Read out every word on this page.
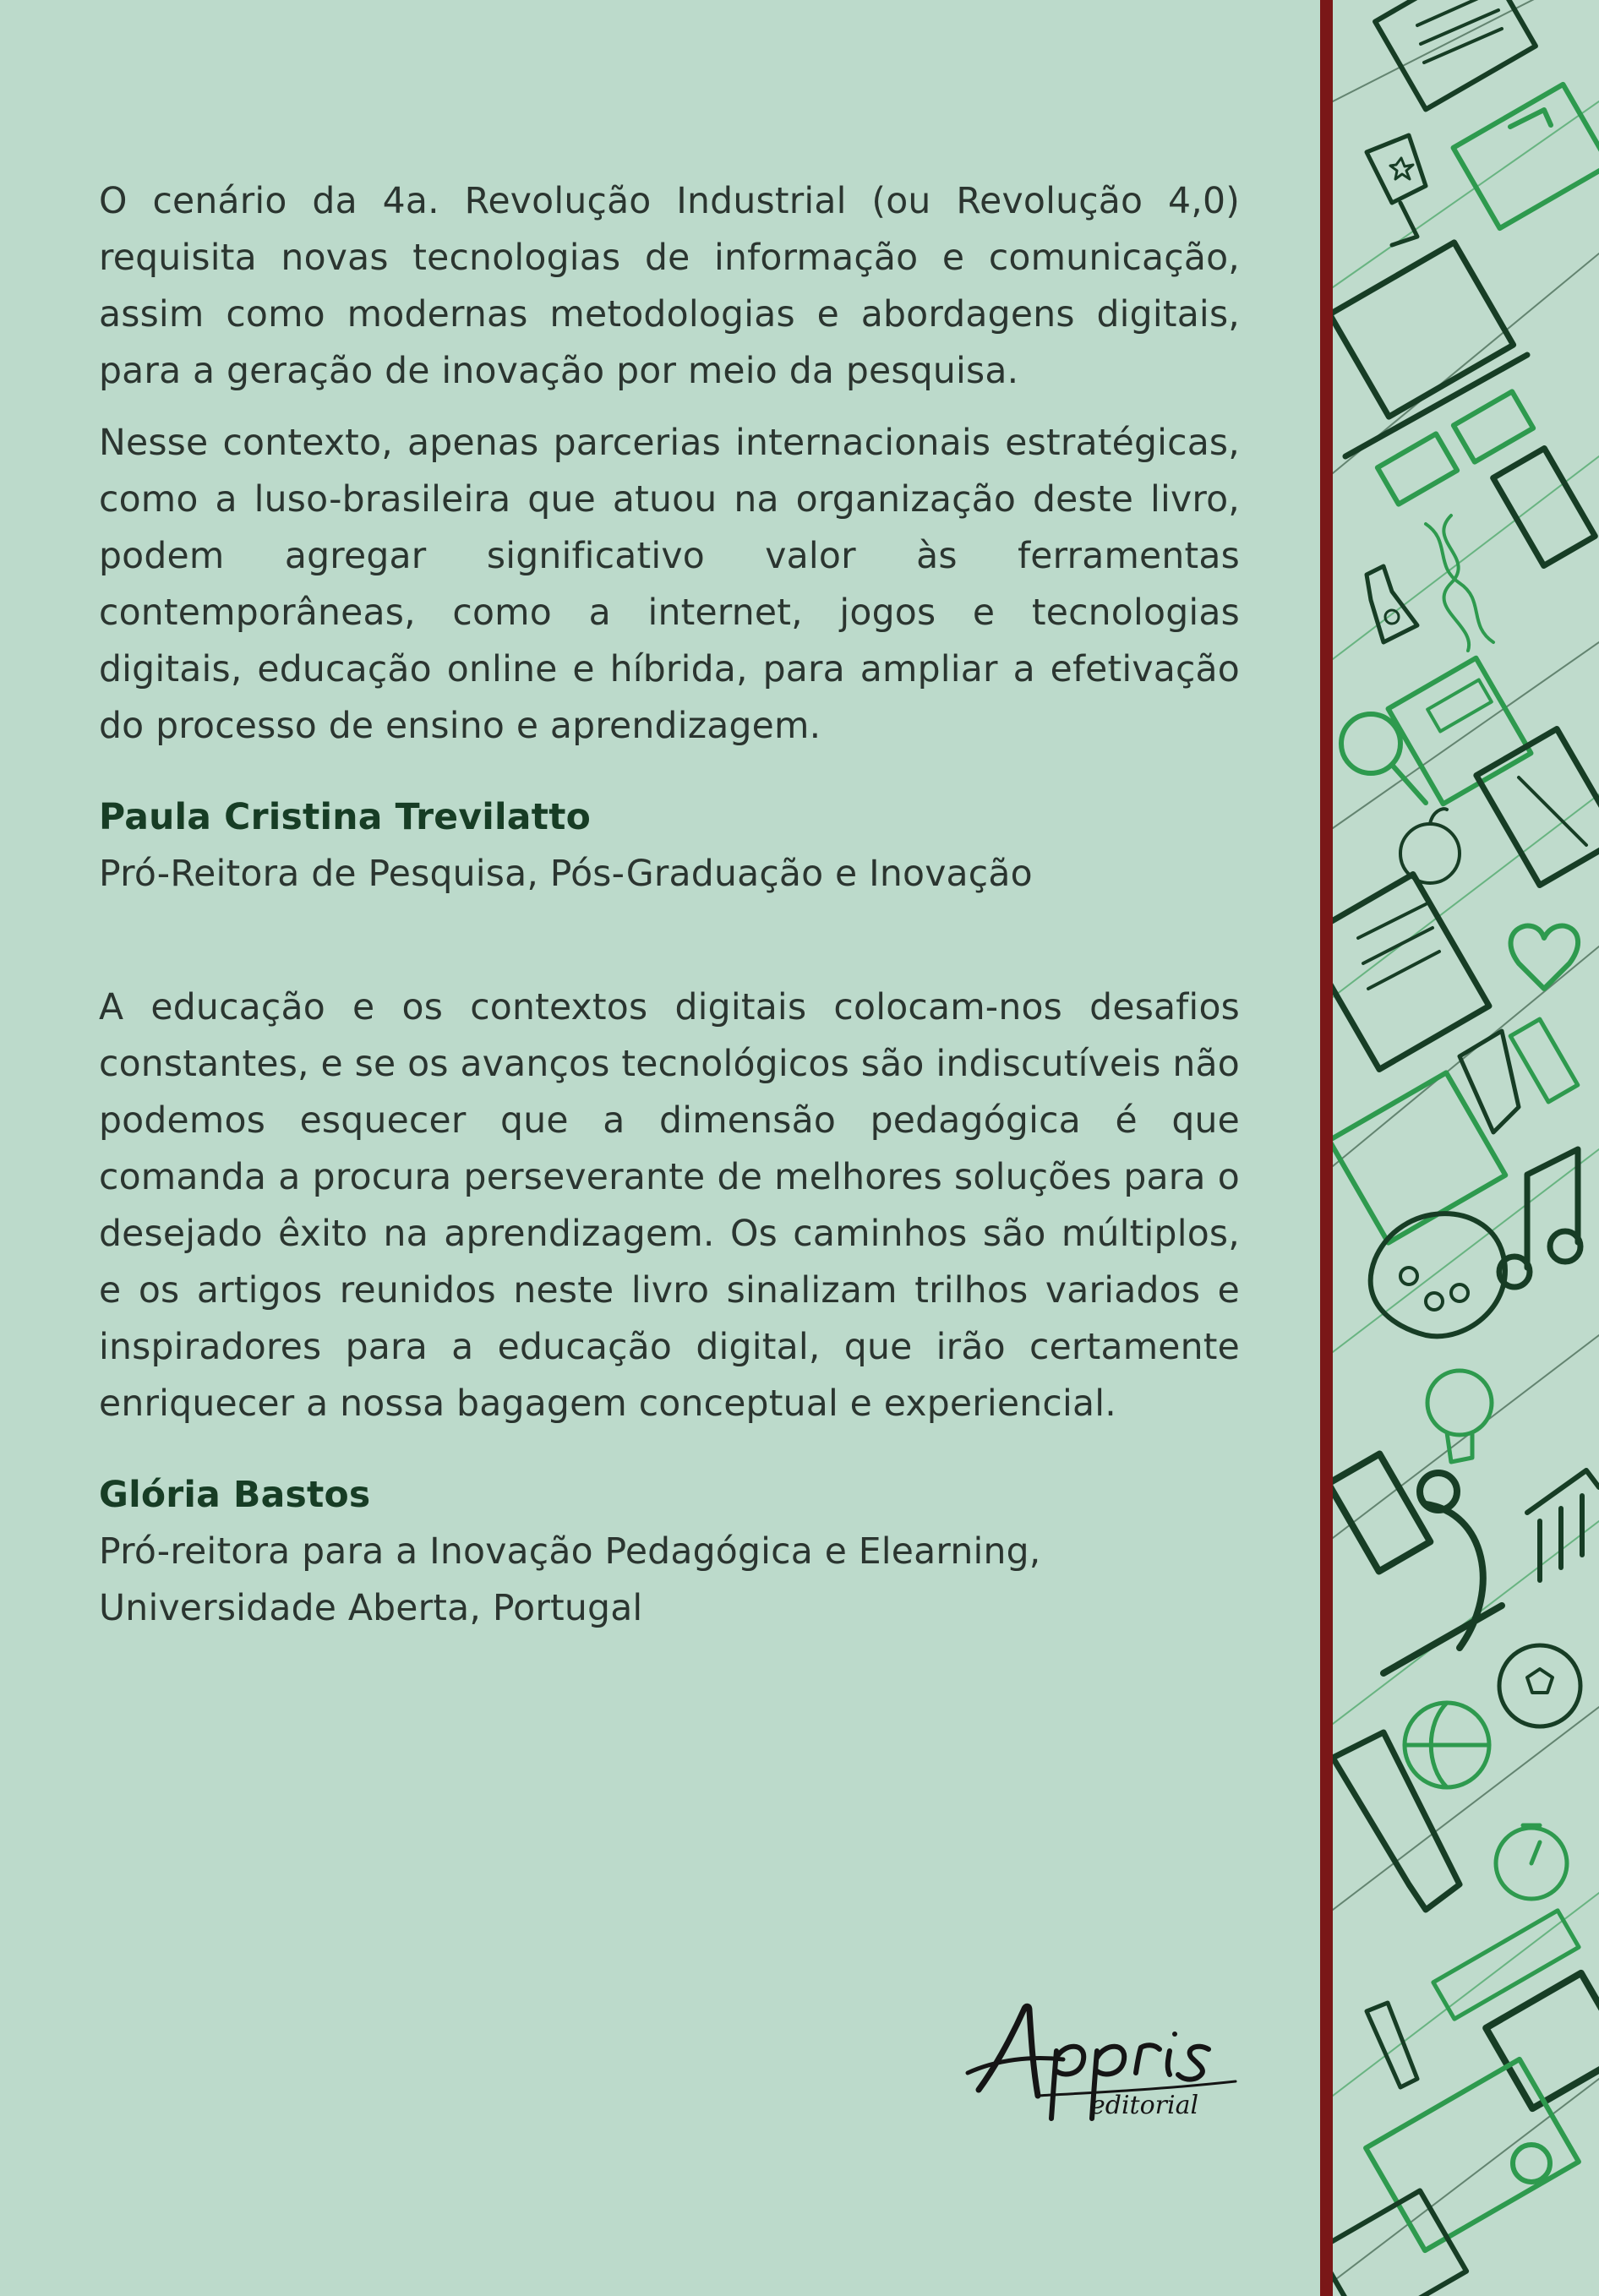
O cenário da 4a. Revolução Industrial (ou Revolução 4,0) requisita novas tecnologias de informação e comunicação, assim como modernas metodologias e abordagens digitais, para a geração de inovação por meio da pesquisa.

Nesse contexto, apenas parcerias internacionais estratégicas, como a luso-brasileira que atuou na organização deste livro, podem agregar significativo valor às ferramentas contemporâneas, como a internet, jogos e tecnologias digitais, educação online e híbrida, para ampliar a efetivação do processo de ensino e aprendizagem.

Paula Cristina Trevilatto
Pró-Reitora de Pesquisa, Pós-Graduação e Inovação

A educação e os contextos digitais colocam-nos desafios constantes, e se os avanços tecnológicos são indiscutíveis não podemos esquecer que a dimensão pedagógica é que comanda a procura perseverante de melhores soluções para o desejado êxito na aprendizagem. Os caminhos são múltiplos, e os artigos reunidos neste livro sinalizam trilhos variados e inspiradores para a educação digital, que irão certamente enriquecer a nossa bagagem conceptual e experiencial.

Glória Bastos
Pró-reitora para a Inovação Pedagógica e Elearning,
Universidade Aberta, Portugal
editorial
